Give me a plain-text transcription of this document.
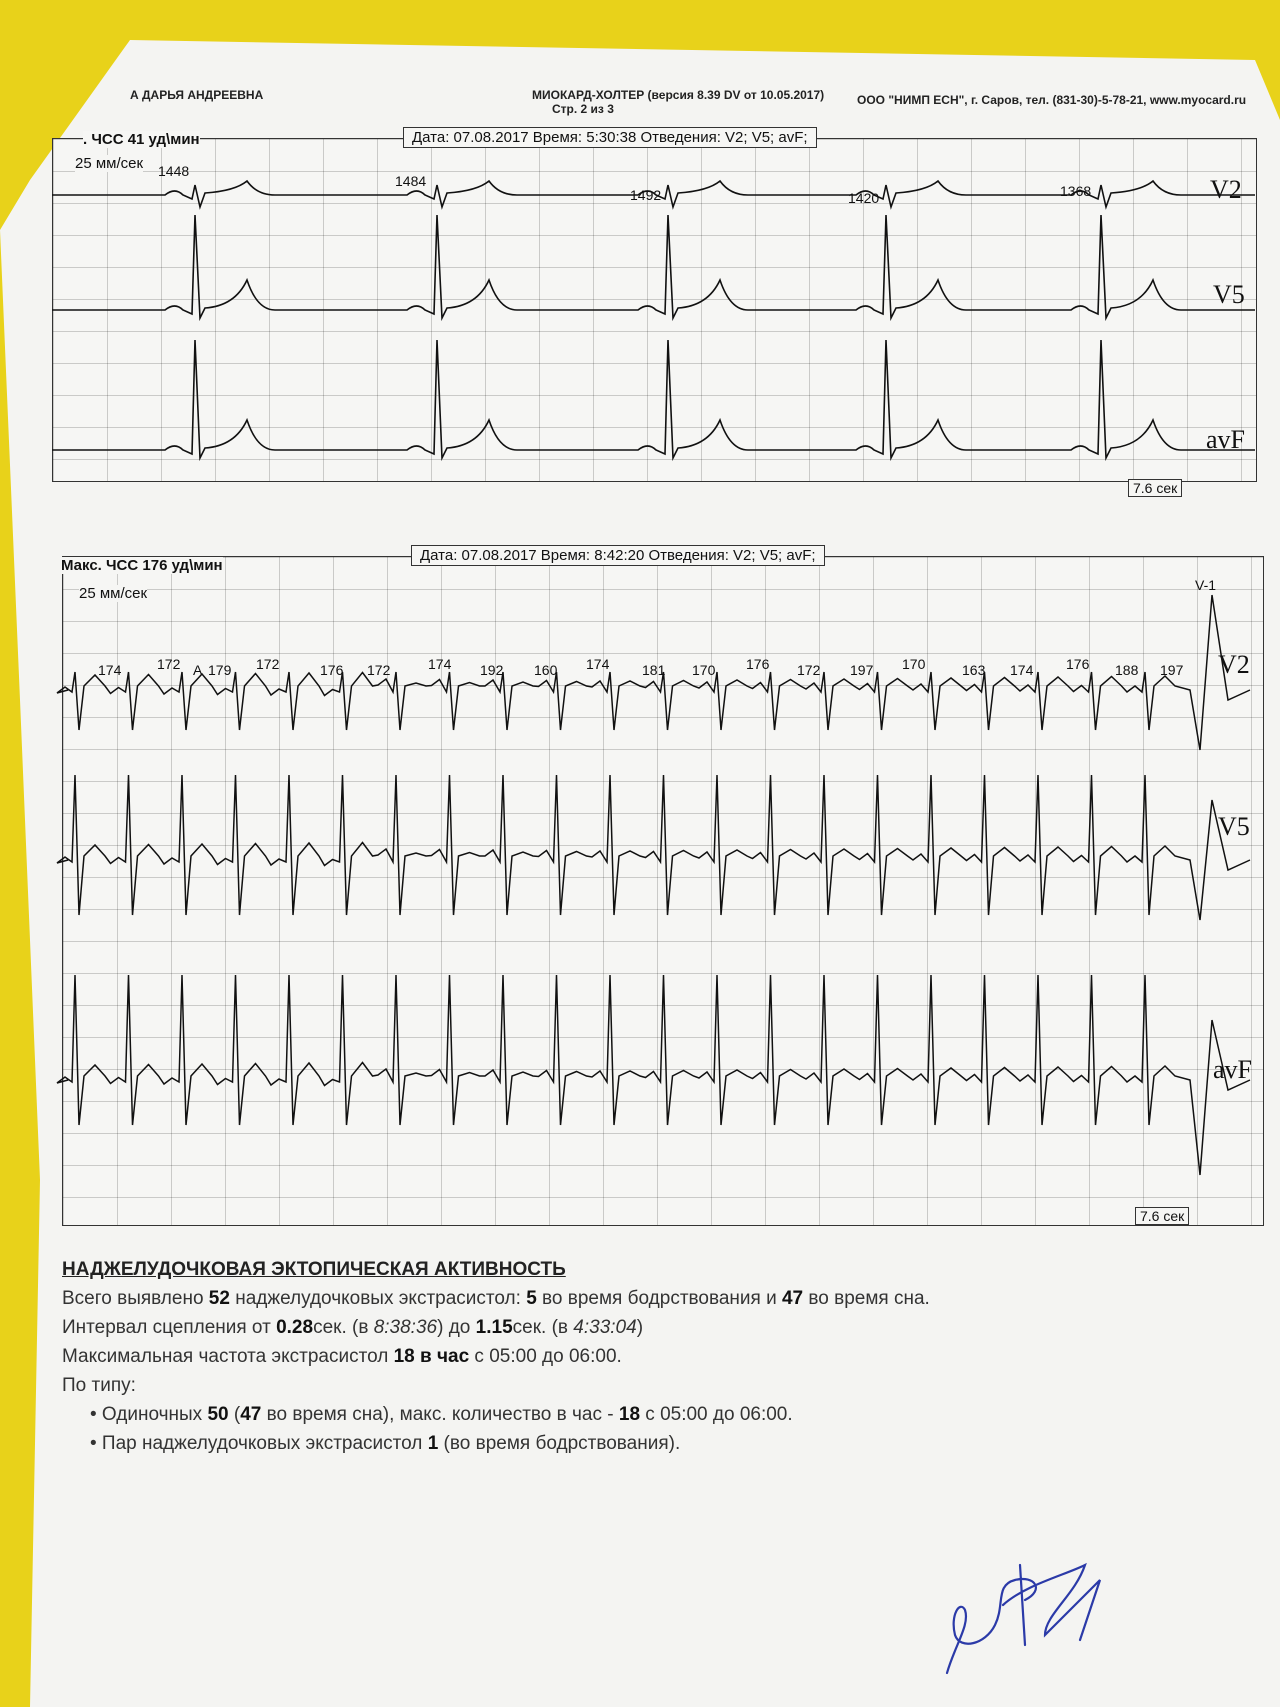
А ДАРЬЯ АНДРЕЕВНА	МИОКАРД-ХОЛТЕР (версия 8.39 DV от 10.05.2017)	ООО "НИМП ЕСН", г. Саров, тел. (831-30)-5-78-21, www.myocard.ru
Стр. 2 из 3
. ЧСС 41 уд\мин	Дата: 07.08.2017 Время: 5:30:38 Отведения: V2; V5; avF;
25 мм/сек
7.6 сек
1448
1484
1492	1420	1368	V2
V5
avF
Макс. ЧСС 176 уд\мин
Дата: 07.08.2017 Время: 8:42:20 Отведения: V2; V5; avF;
25 мм/сек
7.6 сек
V-1
174	172 А 179 172	176 172	174 192 160 174 181 170 176 172 197 170	163 174 176 188 197 V2
V5
avF
НАДЖЕЛУДОЧКОВАЯ ЭКТОПИЧЕСКАЯ АКТИВНОСТЬ
Всего выявлено 52 наджелудочковых экстрасистол: 5 во время бодрствования и 47 во время сна.
Интервал сцепления от 0.28сек. (в 8:38:36) до 1.15сек. (в 4:33:04)
Максимальная частота экстрасистол 18 в час с 05:00 до 06:00.
По типу:
• Одиночных 50 (47 во время сна), макс. количество в час - 18 с 05:00 до 06:00.
• Пар наджелудочковых экстрасистол 1 (во время бодрствования).
